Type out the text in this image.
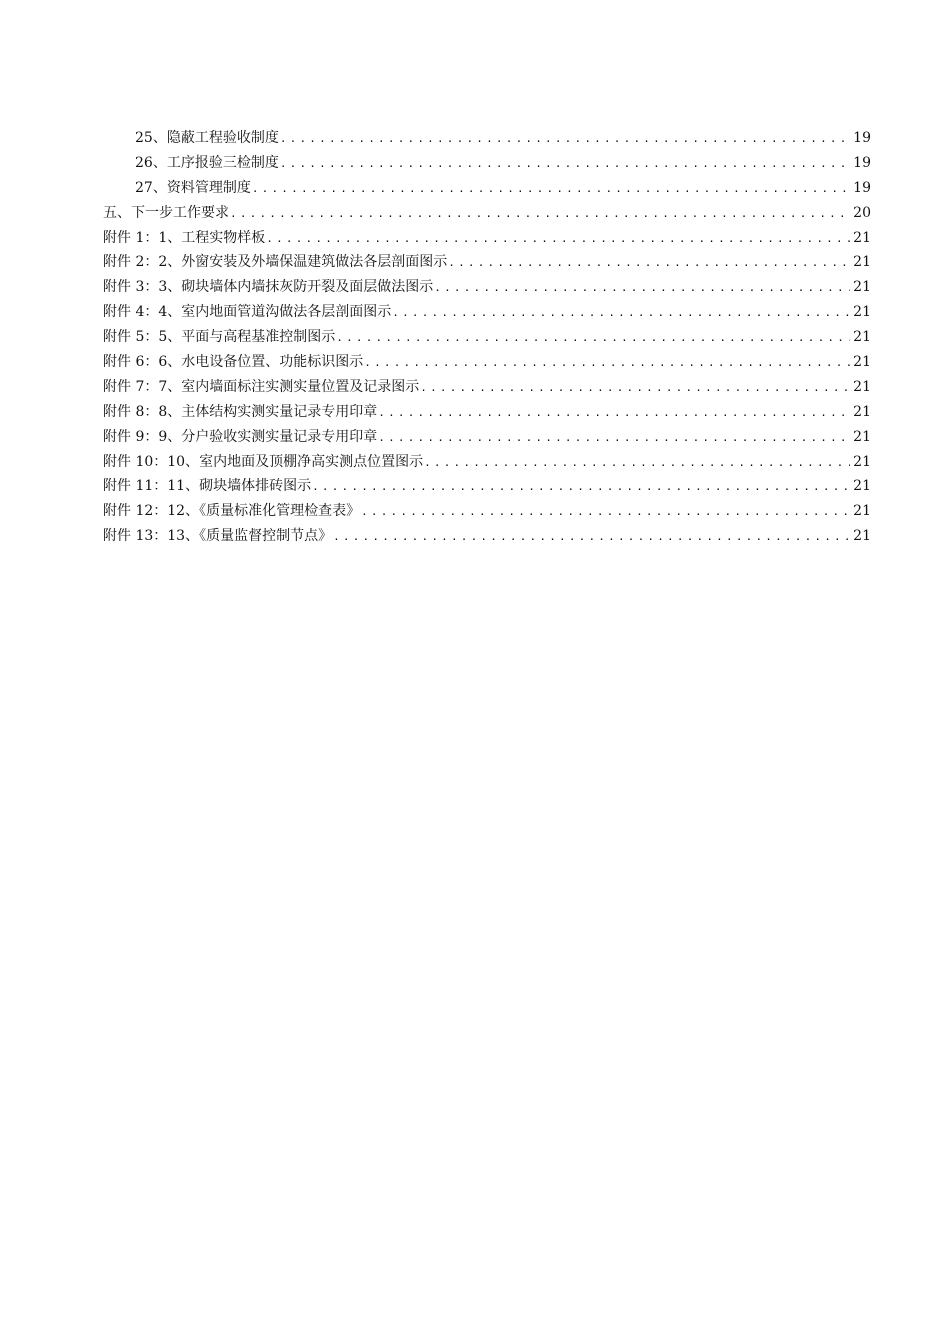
25、隐蔽工程验收制度 .....	19
26、工序报验三检制度 .....	19
27、资料管理制度 .....	19
五、下一步工作要求 .....	20
附件 1：1、工程实物样板 .....	21
附件 2：2、外窗安装及外墙保温建筑做法各层剖面图示 .....	21
附件 3：3、砌块墙体内墙抹灰防开裂及面层做法图示 .....	21
附件 4：4、室内地面管道沟做法各层剖面图示 .....	21
附件 5：5、平面与高程基准控制图示 .....	21
附件 6：6、水电设备位置、功能标识图示 .....	21
附件 7：7、室内墙面标注实测实量位置及记录图示 .....	21
附件 8：8、主体结构实测实量记录专用印章 .....	21
附件 9：9、分户验收实测实量记录专用印章 .....	21
附件 10：10、室内地面及顶棚净高实测点位置图示 .....	21
附件 11：11、砌块墙体排砖图示 .....	21
附件 12：12、《质量标准化管理检查表》 .....	21
附件 13：13、《质量监督控制节点》 .....	21
